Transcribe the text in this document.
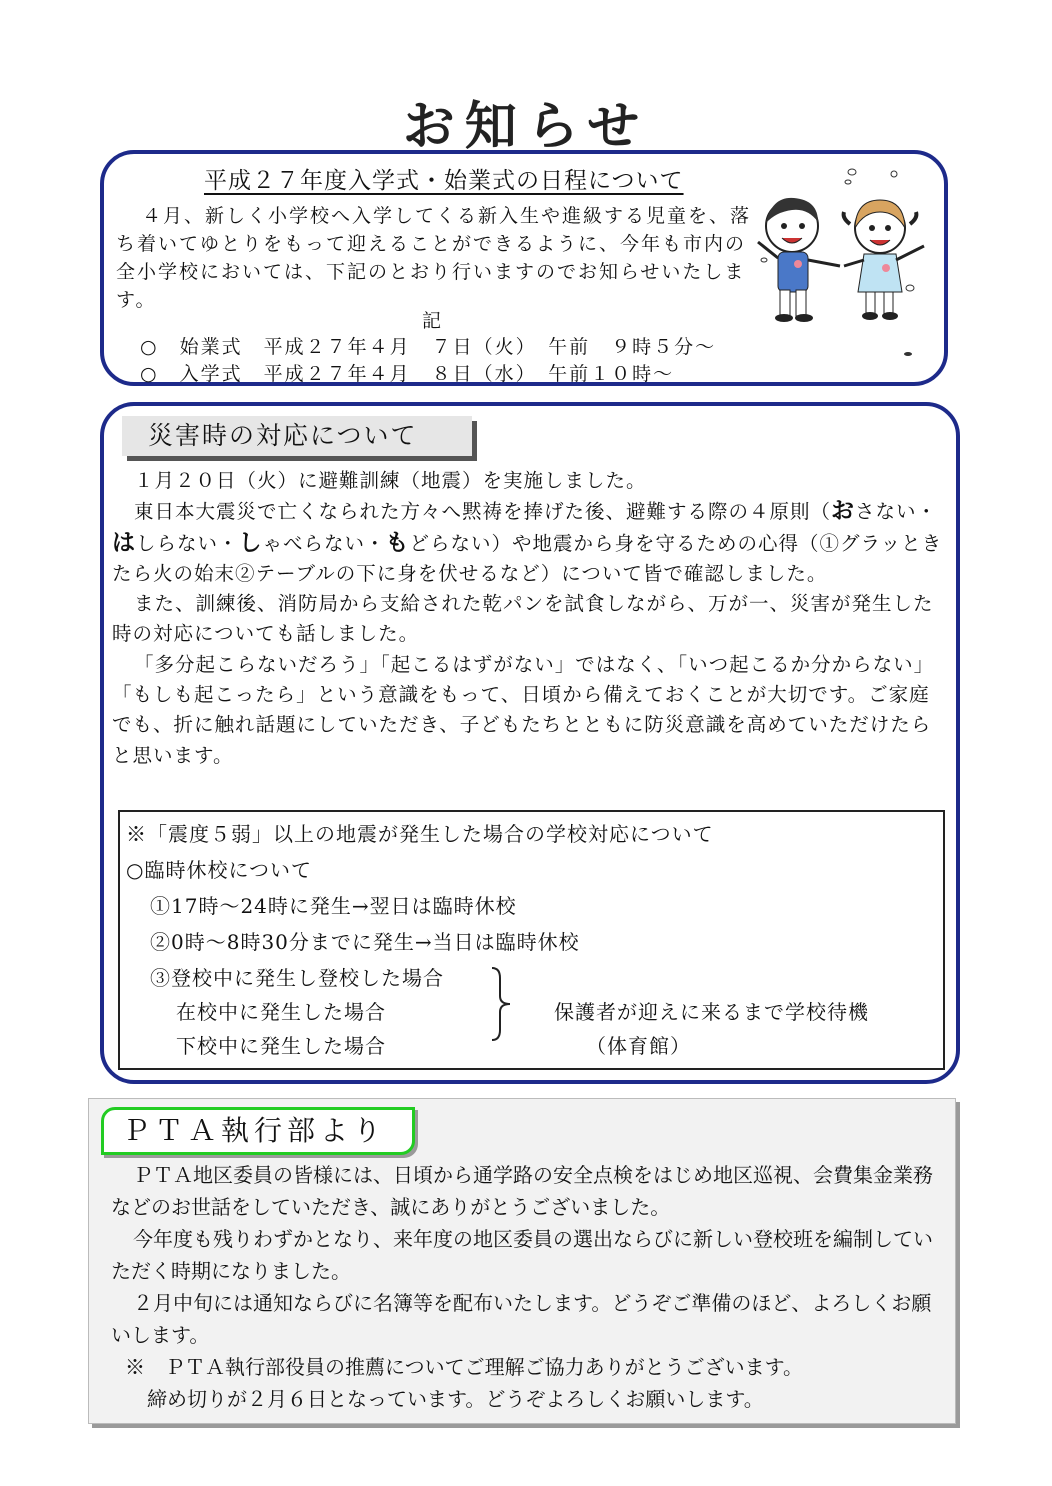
お知らせ
平成２７年度入学式・始業式の日程について

４月、新しく小学校へ入学してくる新入生や進級する児童を、落ち着いてゆとりをもって迎えることができるように、今年も市内の全小学校においては、下記のとおり行いますのでお知らせいたします。

記
○　始業式　平成２７年４月　７日（火）　午前　９時５分～
○　入学式　平成２７年４月　８日（水）　午前１０時～
災害時の対応について

１月２０日（火）に避難訓練（地震）を実施しました。

東日本大震災で亡くなられた方々へ黙祷を捧げた後、避難する際の４原則（おさない・はしらない・しゃべらない・もどらない）や地震から身を守るための心得（①グラッときたら火の始末②テーブルの下に身を伏せるなど）について皆で確認しました。

また、訓練後、消防局から支給された乾パンを試食しながら、万が一、災害が発生した時の対応についても話しました。

「多分起こらないだろう」「起こるはずがない」ではなく、「いつ起こるか分からない」「もしも起こったら」という意識をもって、日頃から備えておくことが大切です。ご家庭でも、折に触れ話題にしていただき、子どもたちとともに防災意識を高めていただけたらと思います。

※「震度５弱」以上の地震が発生した場合の学校対応について
○臨時休校について
①17時～24時に発生→翌日は臨時休校
②0時～8時30分までに発生→当日は臨時休校
③登校中に発生し登校した場合
在校中に発生した場合
下校中に発生した場合
保護者が迎えに来るまで学校待機
（体育館）
ＰＴＡ執行部より

ＰＴＡ地区委員の皆様には、日頃から通学路の安全点検をはじめ地区巡視、会費集金業務などのお世話をしていただき、誠にありがとうございました。

今年度も残りわずかとなり、来年度の地区委員の選出ならびに新しい登校班を編制していただく時期になりました。

２月中旬には通知ならびに名簿等を配布いたします。どうぞご準備のほど、よろしくお願いします。

※　ＰＴＡ執行部役員の推薦についてご理解ご協力ありがとうございます。

締め切りが２月６日となっています。どうぞよろしくお願いします。
